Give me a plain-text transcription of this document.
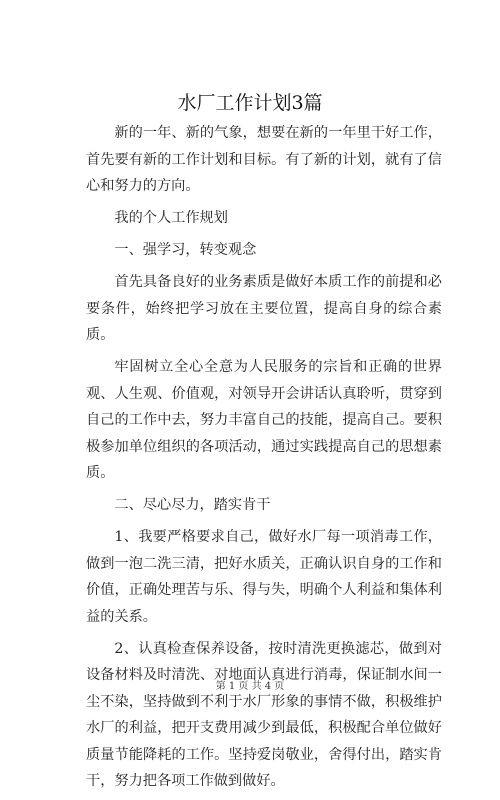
水厂工作计划3篇

新的一年、新的气象，想要在新的一年里干好工作，首先要有新的工作计划和目标。有了新的计划，就有了信心和努力的方向。

我的个人工作规划

一、强学习，转变观念

首先具备良好的业务素质是做好本质工作的前提和必要条件，始终把学习放在主要位置，提高自身的综合素质。

牢固树立全心全意为人民服务的宗旨和正确的世界观、人生观、价值观，对领导开会讲话认真聆听，贯穿到自己的工作中去，努力丰富自己的技能，提高自己。要积极参加单位组织的各项活动，通过实践提高自己的思想素质。

二、尽心尽力，踏实肯干

1、我要严格要求自己，做好水厂每一项消毒工作，做到一泡二洗三清，把好水质关，正确认识自身的工作和价值，正确处理苦与乐、得与失，明确个人利益和集体利益的关系。

2、认真检查保养设备，按时清洗更换滤芯，做到对设备材料及时清洗、对地面认真进行消毒，保证制水间一尘不染，坚持做到不利于水厂形象的事情不做，积极维护水厂的利益，把开支费用减少到最低，积极配合单位做好质量节能降耗的工作。坚持爱岗敬业，舍得付出，踏实肯干，努力把各项工作做到做好。

第 1 页 共 4 页
